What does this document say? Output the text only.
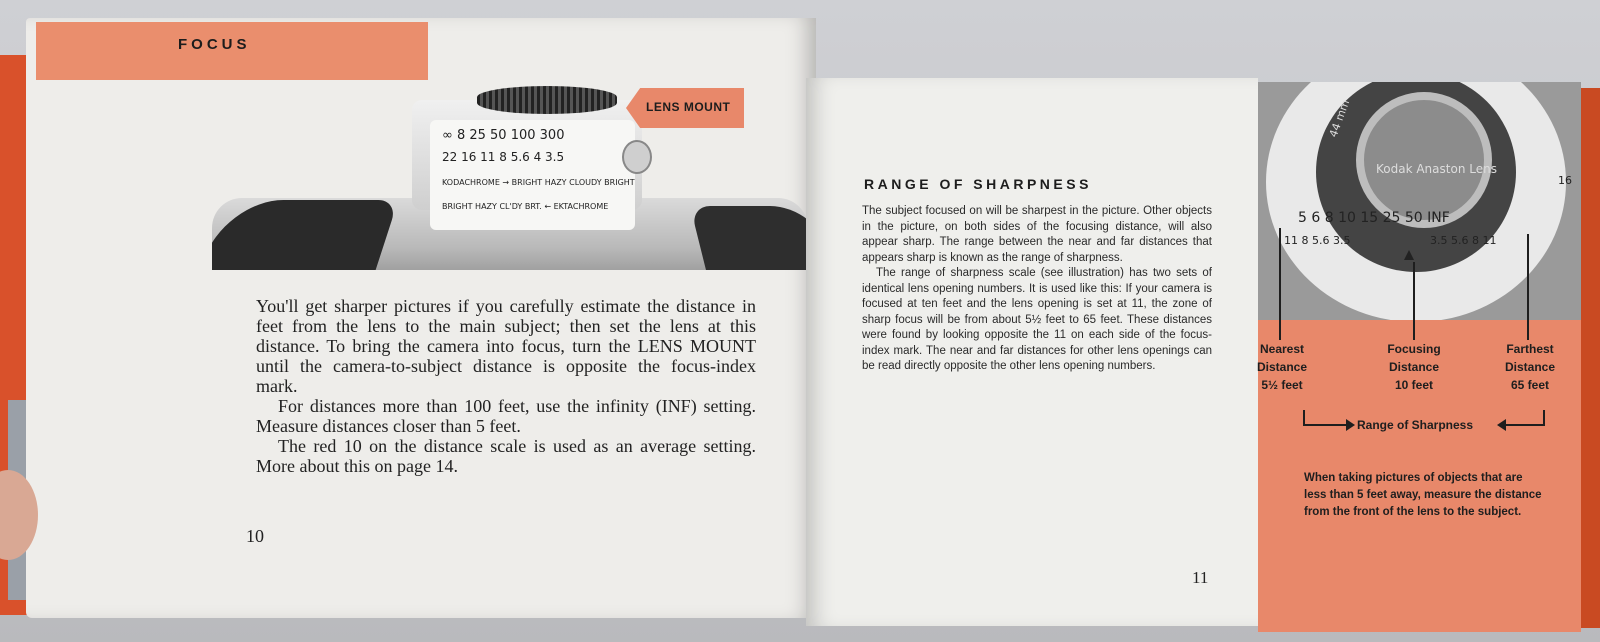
FOCUS
∞ 8 25 50 100 300
22 16 11 8 5.6 4 3.5
KODACHROME → BRIGHT HAZY CLOUDY BRIGHT
BRIGHT HAZY CL'DY BRT. ← EKTACHROME
LENS MOUNT

You'll get sharper pictures if you carefully estimate the distance in feet from the lens to the main subject; then set the lens at this distance. To bring the camera into focus, turn the LENS MOUNT until the camera-to-subject distance is opposite the focus-index mark.

For distances more than 100 feet, use the infinity (INF) setting. Measure distances closer than 5 feet.

The red 10 on the distance scale is used as an average setting. More about this on page 14.

10
RANGE OF SHARPNESS

The subject focused on will be sharpest in the picture. Other objects in the picture, on both sides of the focusing distance, will also appear sharp. The range between the near and far distances that appears sharp is known as the range of sharpness.

The range of sharpness scale (see illustration) has two sets of identical lens opening numbers. It is used like this: If your camera is focused at ten feet and the lens opening is set at 11, the zone of sharp focus will be from about 5½ feet to 65 feet. These distances were found by looking opposite the 11 on each side of the focus-index mark. The near and far distances for other lens openings can be read directly opposite the other lens opening numbers.

11
Kodak Anaston Lens
44 mm
5 6 8 10 15 25 50 INF
11 8 5.6 3.5	3.5 5.6 8 11
16
Nearest
Distance
5½ feet
Focusing
Distance
10 feet
Farthest
Distance
65 feet
Range of Sharpness
When taking pictures of objects that are less than 5 feet away, measure the distance from the front of the lens to the subject.
